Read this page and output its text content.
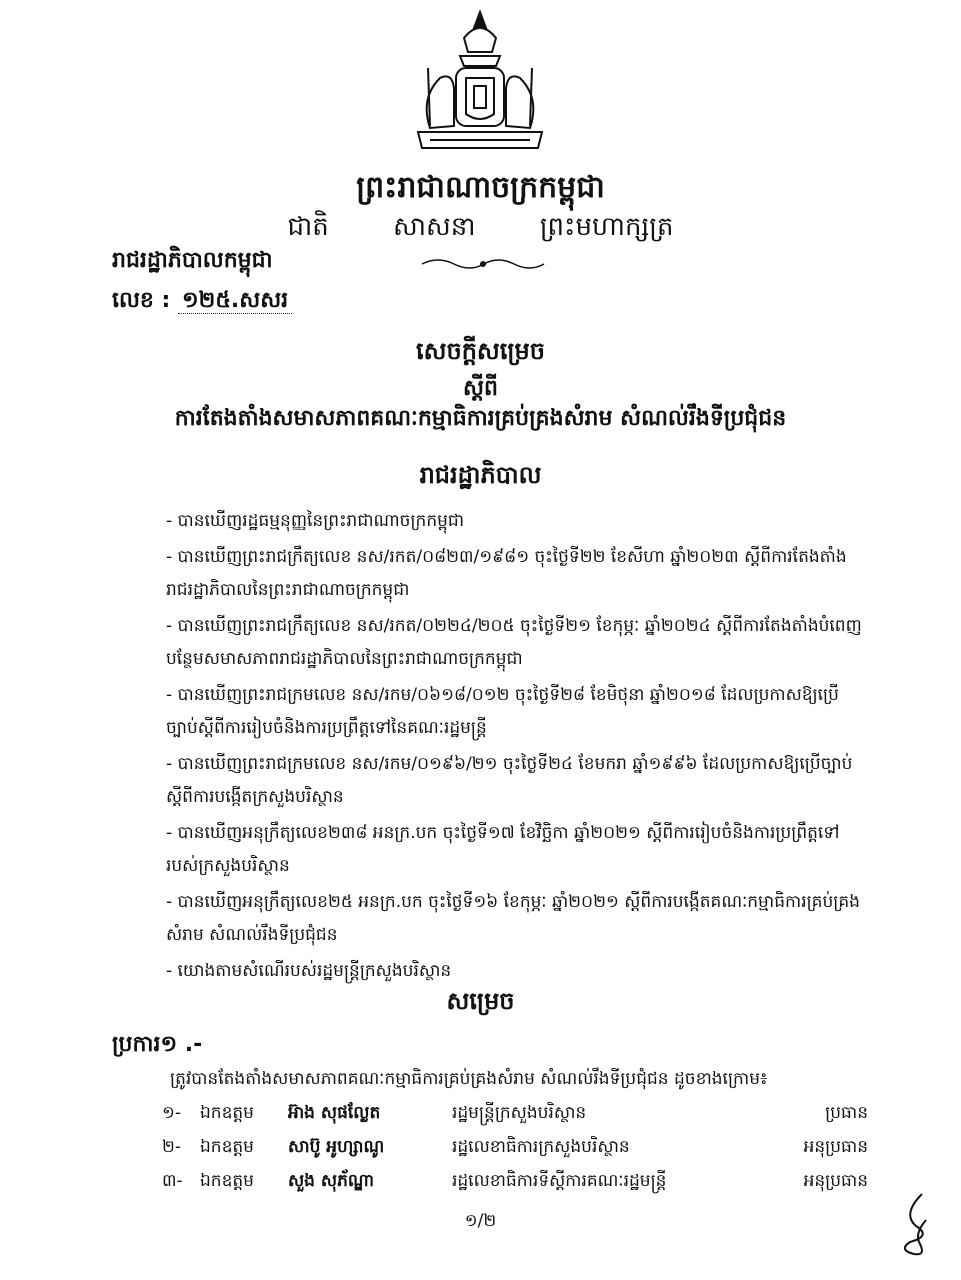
ព្រះរាជាណាចក្រកម្ពុជា
ជាតិ សាសនា ព្រះមហាក្សត្រ
រាជរដ្ឋាភិបាលកម្ពុជា
លេខ : ១២៥.សសរ
សេចក្តីសម្រេច
ស្តីពី
ការតែងតាំងសមាសភាពគណៈកម្មាធិការគ្រប់គ្រងសំរាម សំណល់រឹងទីប្រជុំជន
រាជរដ្ឋាភិបាល
- បានឃើញរដ្ឋធម្មនុញ្ញនៃព្រះរាជាណាចក្រកម្ពុជា
- បានឃើញព្រះរាជក្រឹត្យលេខ នស/រកត/០៨២៣/១៩៨១ ចុះថ្ងៃទី២២ ខែសីហា ឆ្នាំ២០២៣ ស្តីពីការតែងតាំងរាជរដ្ឋាភិបាលនៃព្រះរាជាណាចក្រកម្ពុជា
- បានឃើញព្រះរាជក្រឹត្យលេខ នស/រកត/០២២៤/២០៥ ចុះថ្ងៃទី២១ ខែកុម្ភៈ ឆ្នាំ២០២៤ ស្តីពីការតែងតាំងបំពេញបន្ថែមសមាសភាពរាជរដ្ឋាភិបាលនៃព្រះរាជាណាចក្រកម្ពុជា
- បានឃើញព្រះរាជក្រមលេខ នស/រកម/០៦១៨/០១២ ចុះថ្ងៃទី២៨ ខែមិថុនា ឆ្នាំ២០១៨ ដែលប្រកាសឱ្យប្រើច្បាប់ស្តីពីការរៀបចំនិងការប្រព្រឹត្តទៅនៃគណៈរដ្ឋមន្ត្រី
- បានឃើញព្រះរាជក្រមលេខ នស/រកម/០១៩៦/២១ ចុះថ្ងៃទី២៤ ខែមករា ឆ្នាំ១៩៩៦ ដែលប្រកាសឱ្យប្រើច្បាប់ស្តីពីការបង្កើតក្រសួងបរិស្ថាន
- បានឃើញអនុក្រឹត្យលេខ២៣៨ អនក្រ.បក ចុះថ្ងៃទី១៧ ខែវិច្ឆិកា ឆ្នាំ២០២១ ស្តីពីការរៀបចំនិងការប្រព្រឹត្តទៅរបស់ក្រសួងបរិស្ថាន
- បានឃើញអនុក្រឹត្យលេខ២៥ អនក្រ.បក ចុះថ្ងៃទី១៦ ខែកុម្ភៈ ឆ្នាំ២០២១ ស្តីពីការបង្កើតគណៈកម្មាធិការគ្រប់គ្រងសំរាម សំណល់រឹងទីប្រជុំជន
- យោងតាមសំណើរបស់រដ្ឋមន្ត្រីក្រសួងបរិស្ថាន
សម្រេច
ប្រការ១ .-
ត្រូវបានតែងតាំងសមាសភាពគណៈកម្មាធិការគ្រប់គ្រងសំរាម សំណល់រឹងទីប្រជុំជន ដូចខាងក្រោម៖
១-	ឯកឧត្តម	អ៊ាង សុផល្លែត	រដ្ឋមន្ត្រីក្រសួងបរិស្ថាន	ប្រធាន
២-	ឯកឧត្តម	សាប៊ូ អូហ្សាណូ	រដ្ឋលេខាធិការក្រសួងបរិស្ថាន	អនុប្រធាន
៣-	ឯកឧត្តម	សួង សុភ័ណ្ឌា	រដ្ឋលេខាធិការទីស្តីការគណៈរដ្ឋមន្ត្រី	អនុប្រធាន
១/២
